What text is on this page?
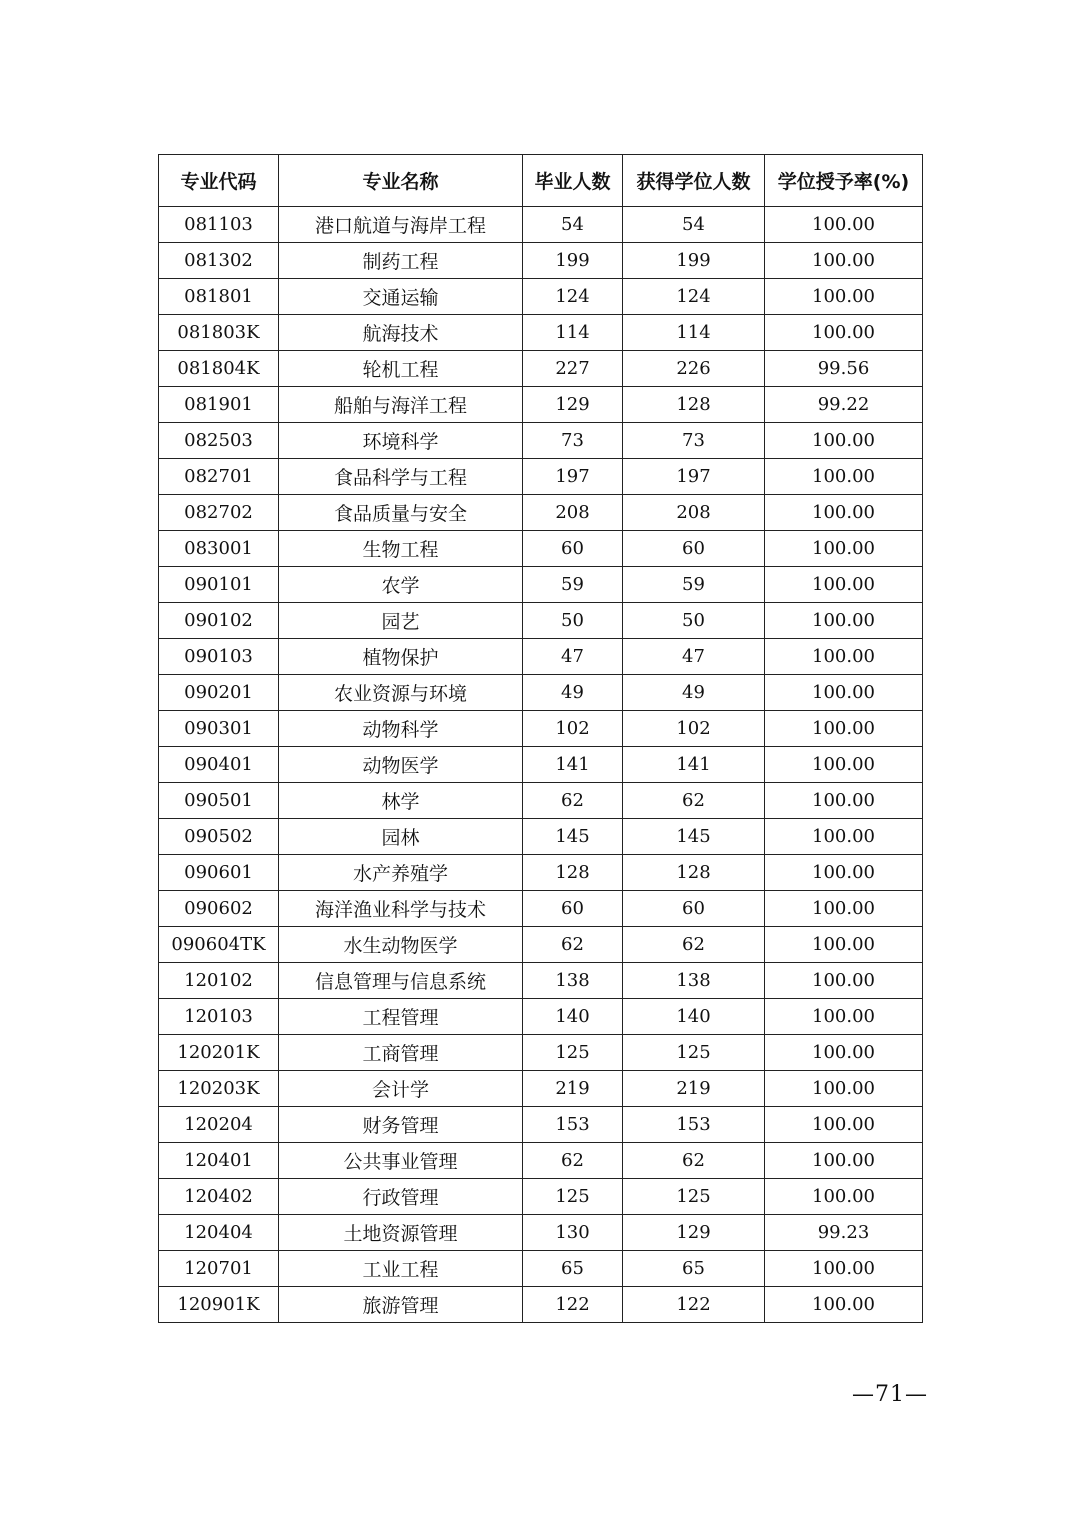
专业代码	专业名称	毕业人数	获得学位人数	学位授予率(%)
081103	港口航道与海岸工程	54	54	100.00
081302	制药工程	199	199	100.00
081801	交通运输	124	124	100.00
081803K	航海技术	114	114	100.00
081804K	轮机工程	227	226	99.56
081901	船舶与海洋工程	129	128	99.22
082503	环境科学	73	73	100.00
082701	食品科学与工程	197	197	100.00
082702	食品质量与安全	208	208	100.00
083001	生物工程	60	60	100.00
090101	农学	59	59	100.00
090102	园艺	50	50	100.00
090103	植物保护	47	47	100.00
090201	农业资源与环境	49	49	100.00
090301	动物科学	102	102	100.00
090401	动物医学	141	141	100.00
090501	林学	62	62	100.00
090502	园林	145	145	100.00
090601	水产养殖学	128	128	100.00
090602	海洋渔业科学与技术	60	60	100.00
090604TK	水生动物医学	62	62	100.00
120102	信息管理与信息系统	138	138	100.00
120103	工程管理	140	140	100.00
120201K	工商管理	125	125	100.00
120203K	会计学	219	219	100.00
120204	财务管理	153	153	100.00
120401	公共事业管理	62	62	100.00
120402	行政管理	125	125	100.00
120404	土地资源管理	130	129	99.23
120701	工业工程	65	65	100.00
120901K	旅游管理	122	122	100.00
—71—
